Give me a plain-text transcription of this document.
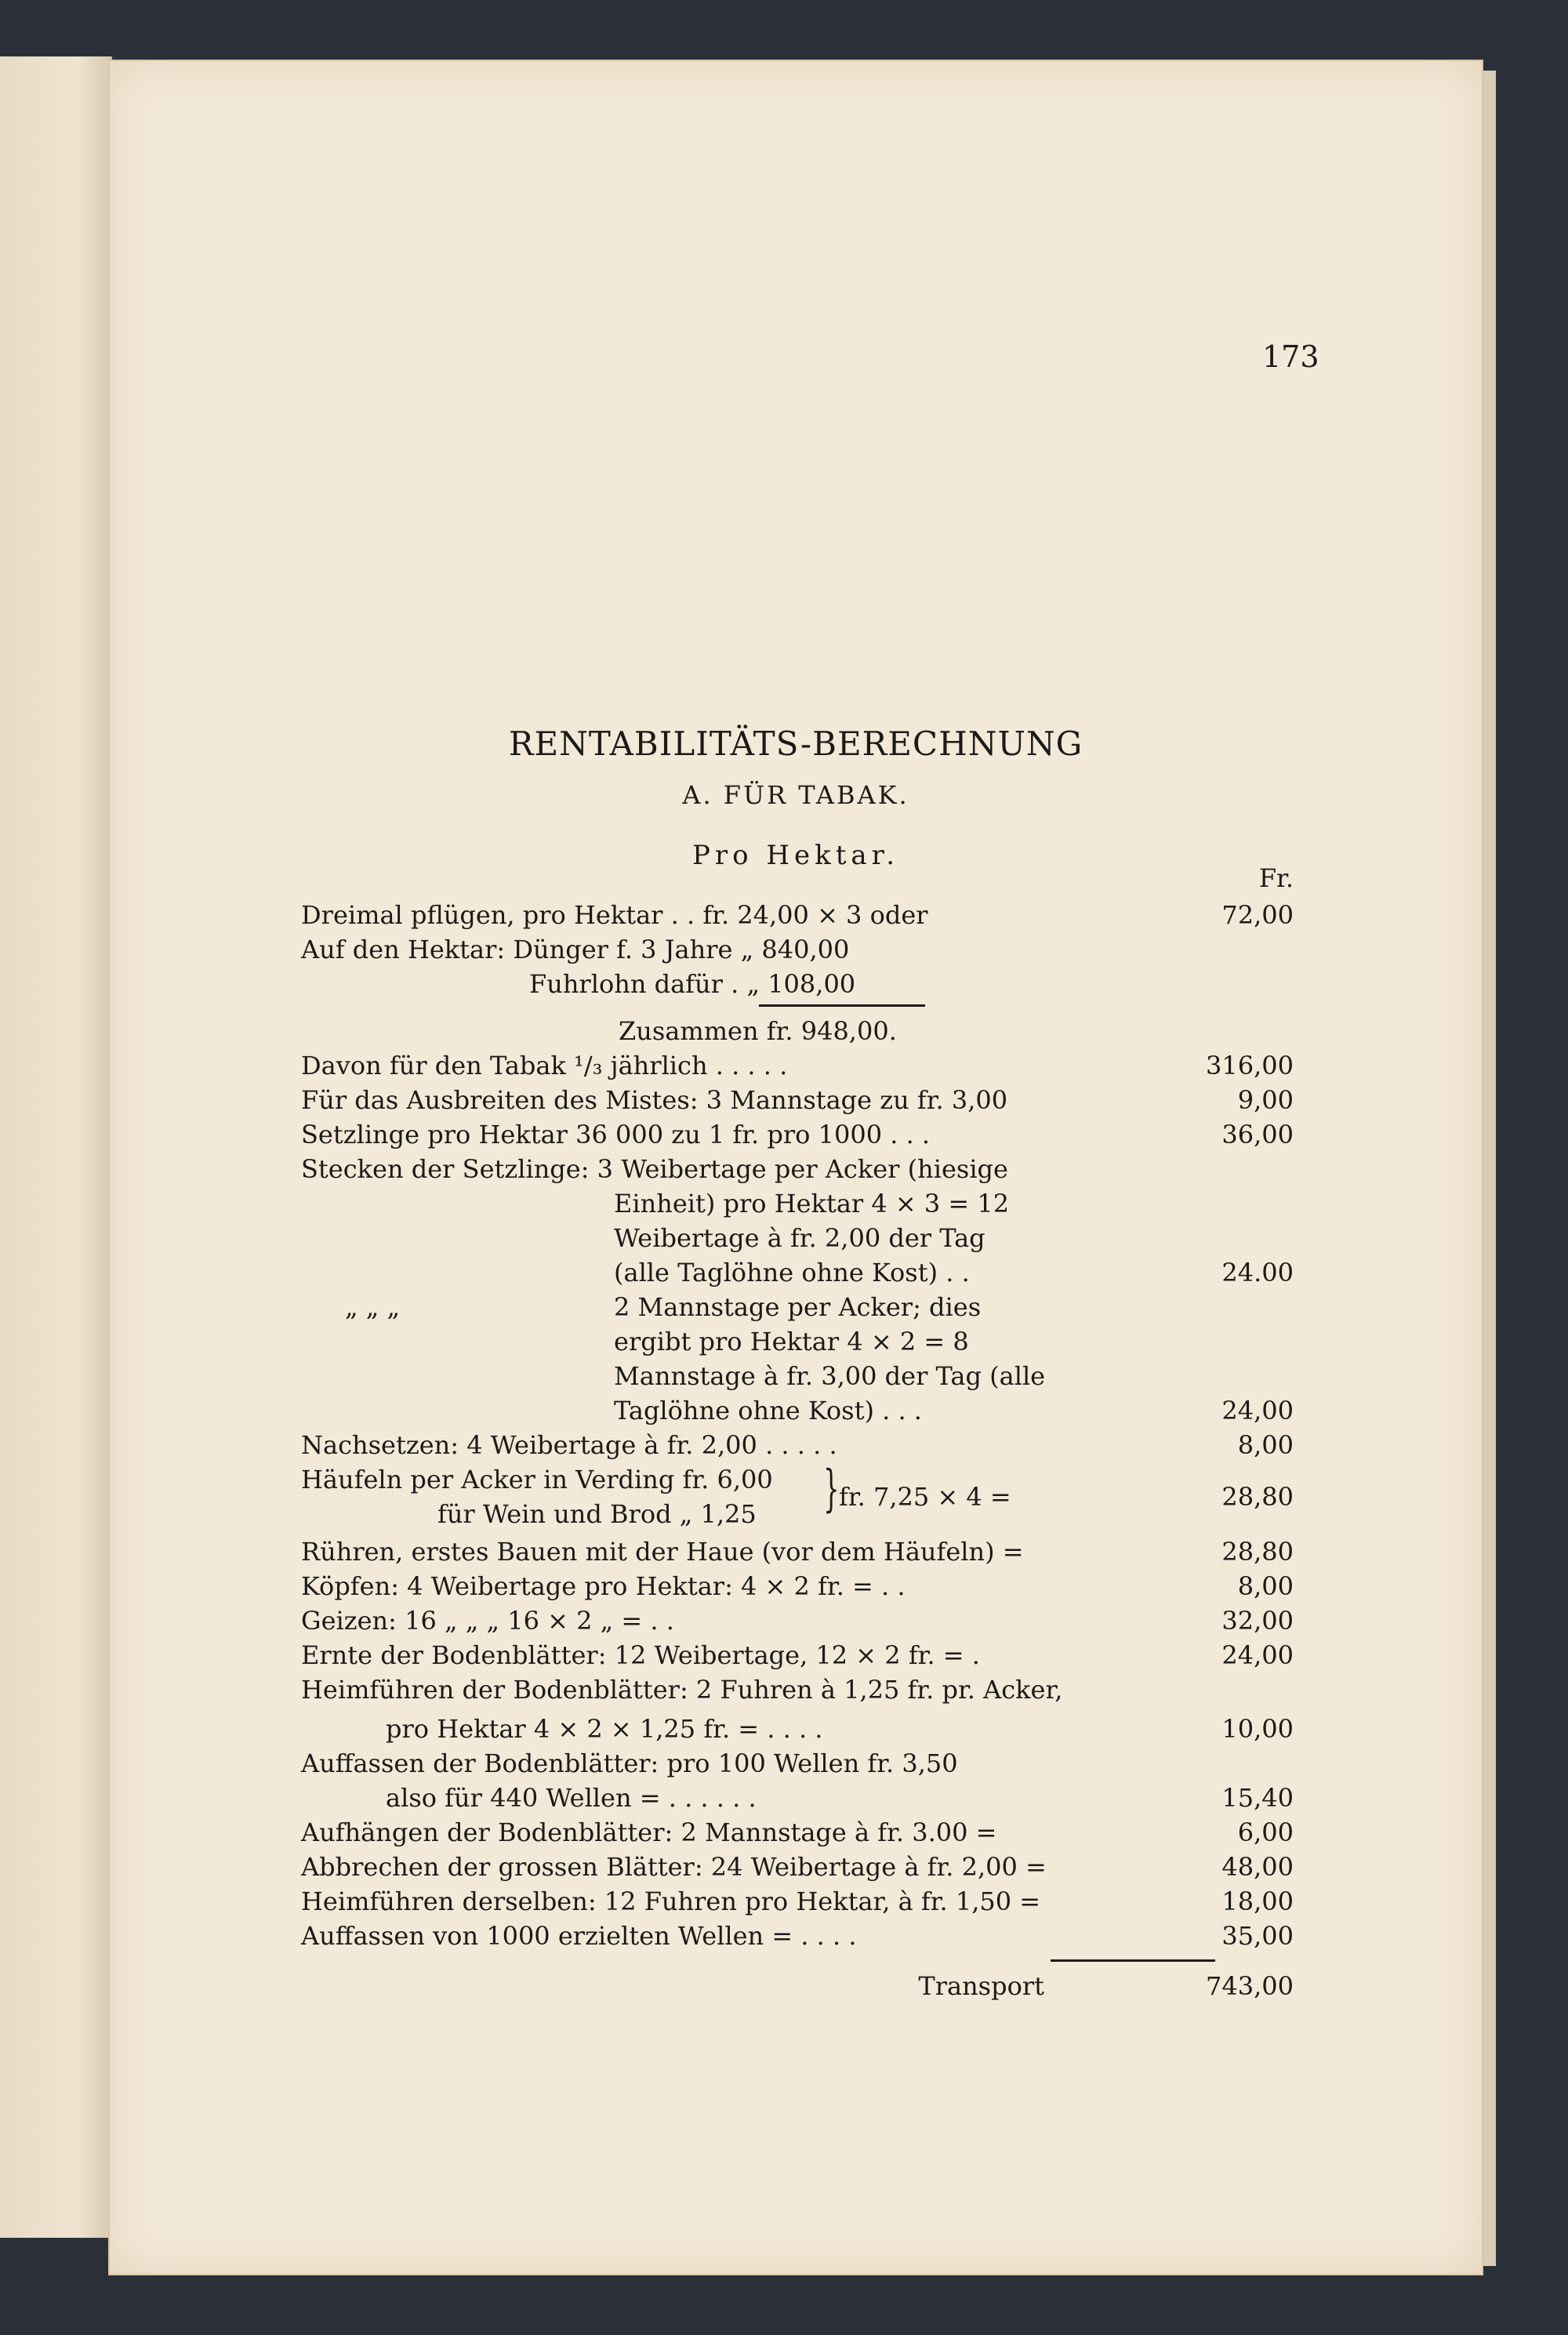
173
RENTABILITÄTS-BERECHNUNG
A. FÜR TABAK.
Pro Hektar.
Fr.
Dreimal pflügen, pro Hektar . . fr. 24,00 × 3 oder	72,00
Auf den Hektar: Dünger f. 3 Jahre „ 840,00
Fuhrlohn dafür . „ 108,00
Zusammen fr. 948,00.
Davon für den Tabak ¹/₃ jährlich . . . . .	316,00
Für das Ausbreiten des Mistes: 3 Mannstage zu fr. 3,00	9,00
Setzlinge pro Hektar 36 000 zu 1 fr. pro 1000 . . .	36,00
Stecken der Setzlinge: 3 Weibertage per Acker (hiesige
Einheit) pro Hektar 4 × 3 = 12
Weibertage à fr. 2,00 der Tag
(alle Taglöhne ohne Kost) . .	24.00
„ „ „	2 Mannstage per Acker; dies
ergibt pro Hektar 4 × 2 = 8
Mannstage à fr. 3,00 der Tag (alle
Taglöhne ohne Kost) . . .	24,00
Nachsetzen: 4 Weibertage à fr. 2,00 . . . . .	8,00
Häufeln per Acker in Verding fr. 6,00
für Wein und Brod „ 1,25 } fr. 7,25 × 4 =	28,80
Rühren, erstes Bauen mit der Haue (vor dem Häufeln) =	28,80
Köpfen: 4 Weibertage pro Hektar: 4 × 2 fr. = . .	8,00
Geizen: 16 „ „ „ 16 × 2 „ = . .	32,00
Ernte der Bodenblätter: 12 Weibertage, 12 × 2 fr. = .	24,00
Heimführen der Bodenblätter: 2 Fuhren à 1,25 fr. pr. Acker,
pro Hektar 4 × 2 × 1,25 fr. = . . . .	10,00
Auffassen der Bodenblätter: pro 100 Wellen fr. 3,50
also für 440 Wellen = . . . . . .	15,40
Aufhängen der Bodenblätter: 2 Mannstage à fr. 3.00 =	6,00
Abbrechen der grossen Blätter: 24 Weibertage à fr. 2,00 =	48,00
Heimführen derselben: 12 Fuhren pro Hektar, à fr. 1,50 =	18,00
Auffassen von 1000 erzielten Wellen = . . . .	35,00
Transport	743,00
